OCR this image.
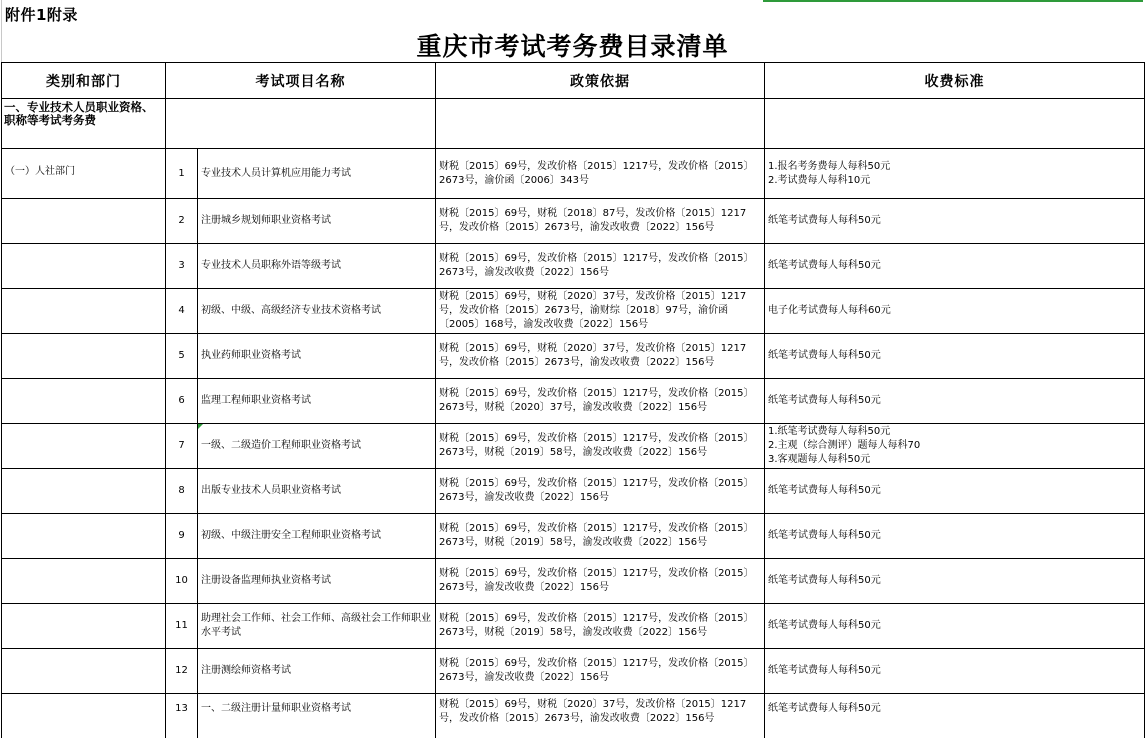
附件1附录
重庆市考试考务费目录清单
类别和部门	考试项目名称		政策依据	收费标准
一、专业技术人员职业资格、职称等考试考务费				
（一）人社部门	1	专业技术人员计算机应用能力考试	财税〔2015〕69号，发改价格〔2015〕1217号，发改价格〔2015〕2673号，渝价函〔2006〕343号	1.报名考务费每人每科50元
2.考试费每人每科10元

	2	注册城乡规划师职业资格考试	财税〔2015〕69号，财税〔2018〕87号，发改价格〔2015〕1217号，发改价格〔2015〕2673号，渝发改收费〔2022〕156号	纸笔考试费每人每科50元

	3	专业技术人员职称外语等级考试	财税〔2015〕69号，发改价格〔2015〕1217号，发改价格〔2015〕2673号，渝发改收费〔2022〕156号	纸笔考试费每人每科50元

	4	初级、中级、高级经济专业技术资格考试	财税〔2015〕69号，财税〔2020〕37号，发改价格〔2015〕1217号，发改价格〔2015〕2673号，渝财综〔2018〕97号，渝价函〔2005〕168号，渝发改收费〔2022〕156号	电子化考试费每人每科60元

	5	执业药师职业资格考试	财税〔2015〕69号，财税〔2020〕37号，发改价格〔2015〕1217号，发改价格〔2015〕2673号，渝发改收费〔2022〕156号	纸笔考试费每人每科50元

	6	监理工程师职业资格考试	财税〔2015〕69号，发改价格〔2015〕1217号，发改价格〔2015〕2673号，财税〔2020〕37号，渝发改收费〔2022〕156号	纸笔考试费每人每科50元

	7	一级、二级造价工程师职业资格考试	财税〔2015〕69号，发改价格〔2015〕1217号，发改价格〔2015〕2673号，财税〔2019〕58号，渝发改收费〔2022〕156号	1.纸笔考试费每人每科50元
2.主观（综合测评）题每人每科70
3.客观题每人每科50元

	8	出版专业技术人员职业资格考试	财税〔2015〕69号，发改价格〔2015〕1217号，发改价格〔2015〕2673号，渝发改收费〔2022〕156号	纸笔考试费每人每科50元

	9	初级、中级注册安全工程师职业资格考试	财税〔2015〕69号，发改价格〔2015〕1217号，发改价格〔2015〕2673号，财税〔2019〕58号，渝发改收费〔2022〕156号	纸笔考试费每人每科50元

	10	注册设备监理师执业资格考试	财税〔2015〕69号，发改价格〔2015〕1217号，发改价格〔2015〕2673号，渝发改收费〔2022〕156号	纸笔考试费每人每科50元

	11	助理社会工作师、社会工作师、高级社会工作师职业水平考试	财税〔2015〕69号，发改价格〔2015〕1217号，发改价格〔2015〕2673号，财税〔2019〕58号，渝发改收费〔2022〕156号	纸笔考试费每人每科50元

	12	注册测绘师资格考试	财税〔2015〕69号，发改价格〔2015〕1217号，发改价格〔2015〕2673号，渝发改收费〔2022〕156号	纸笔考试费每人每科50元

	13	一、二级注册计量师职业资格考试	财税〔2015〕69号，财税〔2020〕37号，发改价格〔2015〕1217号，发改价格〔2015〕2673号，渝发改收费〔2022〕156号	纸笔考试费每人每科50元
